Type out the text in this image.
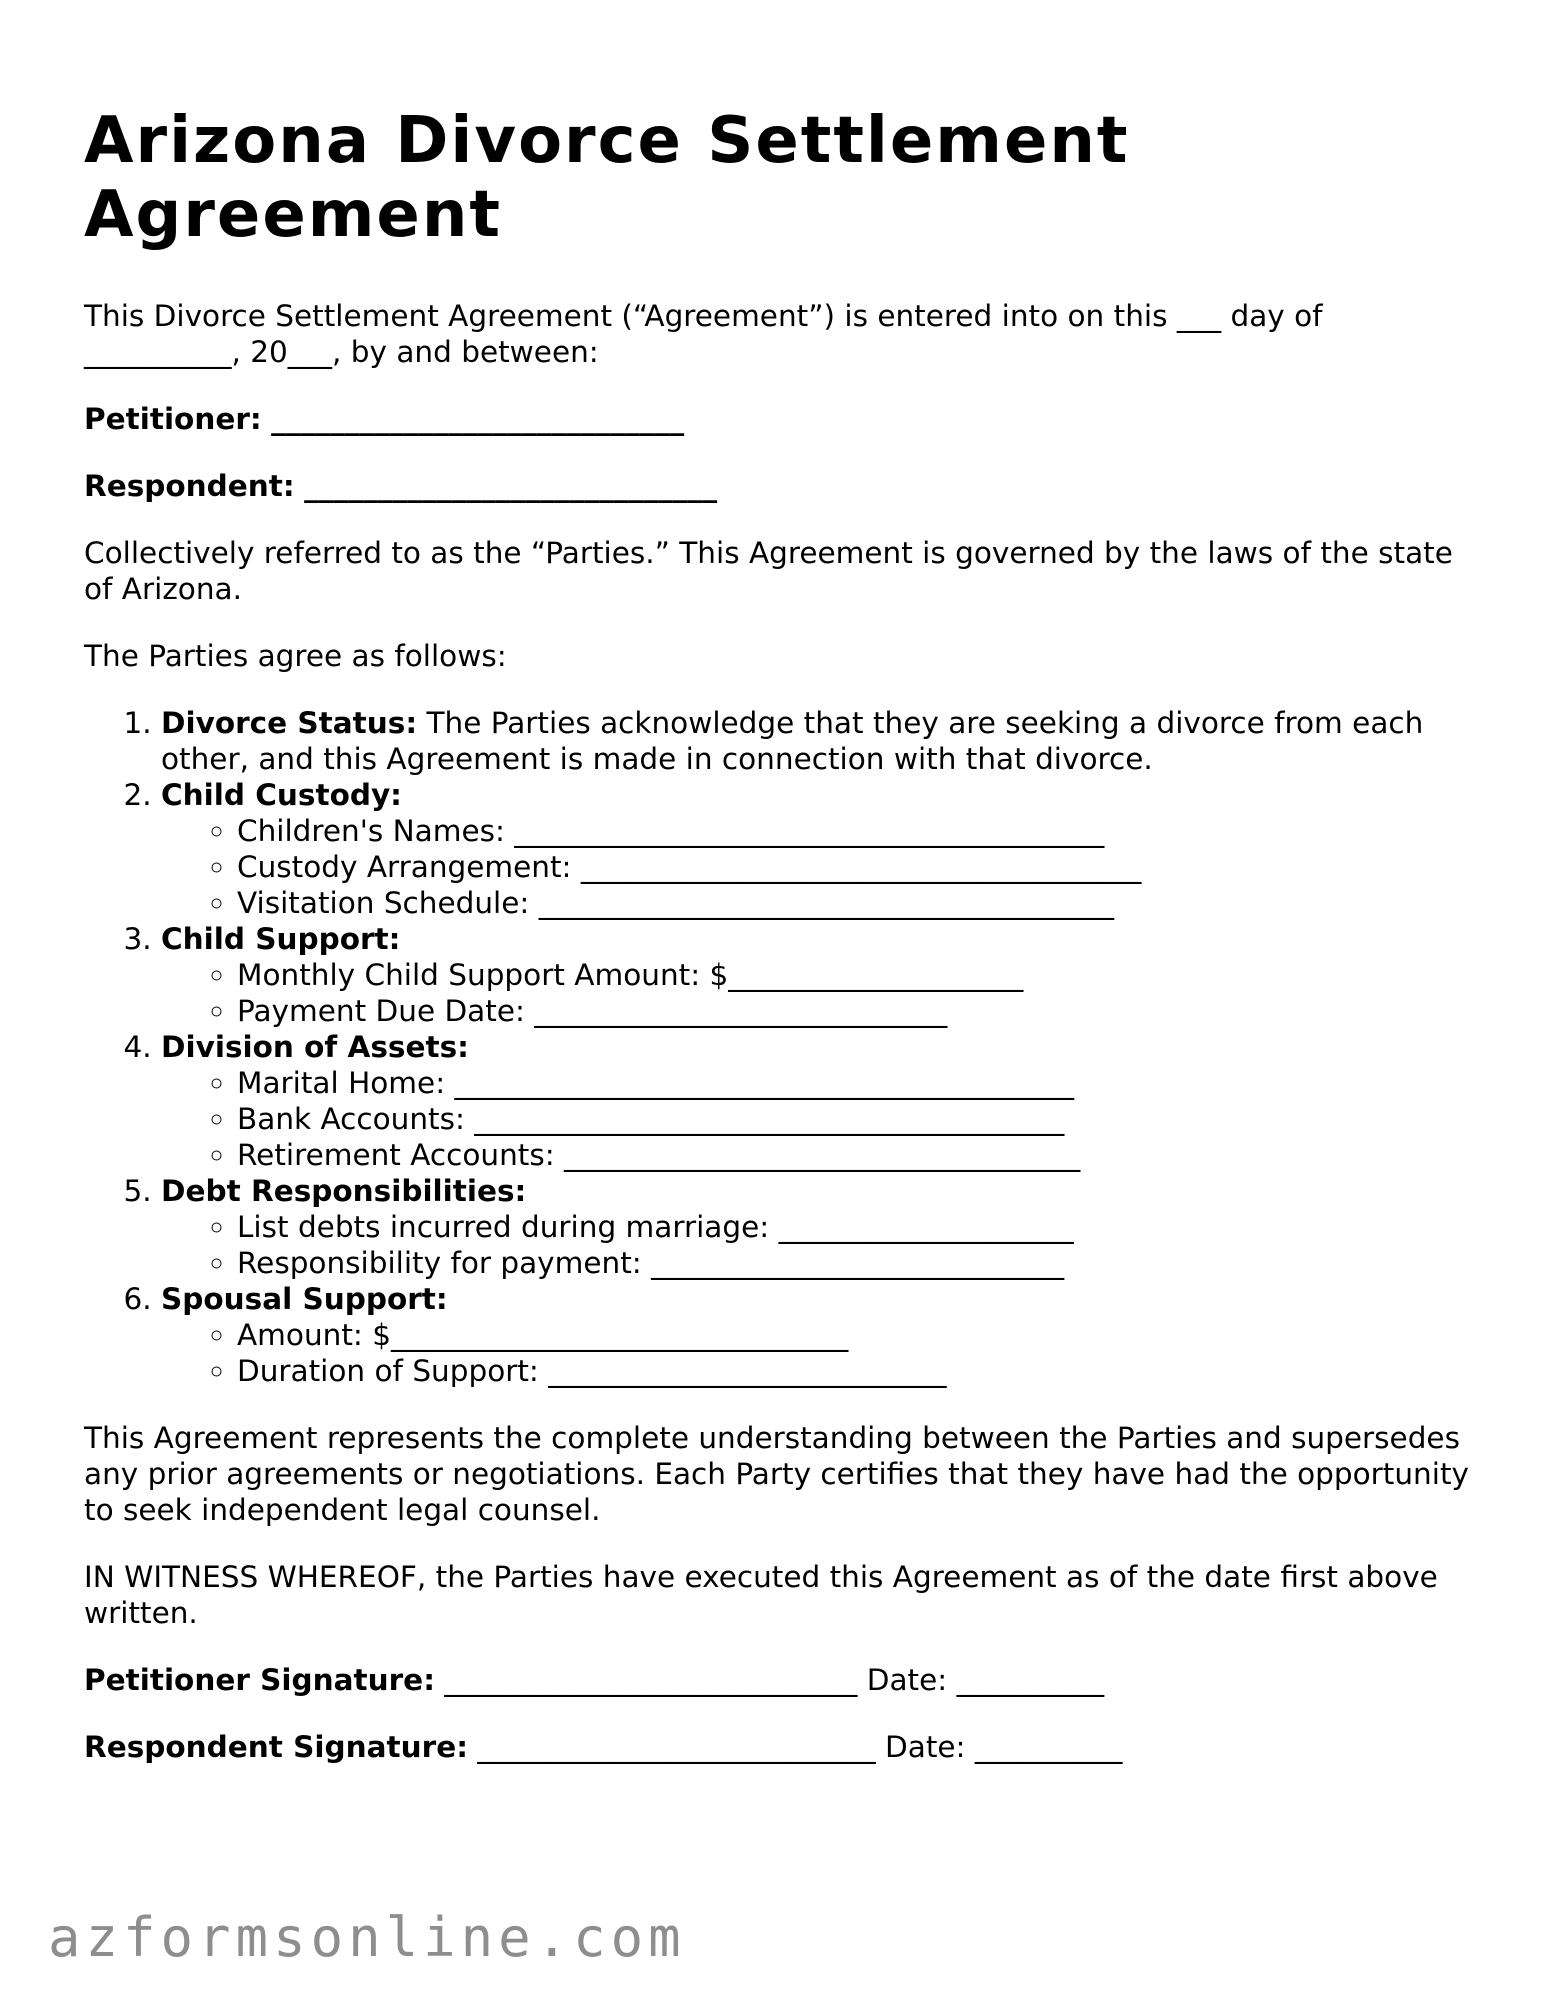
Arizona Divorce Settlement Agreement

This Divorce Settlement Agreement (“Agreement”) is entered into on this ___ day of __________, 20___, by and between:

Petitioner: ____________________________

Respondent: ____________________________

Collectively referred to as the “Parties.” This Agreement is governed by the laws of the state of Arizona.

The Parties agree as follows:

1. Divorce Status: The Parties acknowledge that they are seeking a divorce from each other, and this Agreement is made in connection with that divorce.
2. Child Custody:
◦ Children's Names: ________________________________________
◦ Custody Arrangement: ______________________________________
◦ Visitation Schedule: _______________________________________
3. Child Support:
◦ Monthly Child Support Amount: $____________________
◦ Payment Due Date: ____________________________
4. Division of Assets:
◦ Marital Home: __________________________________________
◦ Bank Accounts: ________________________________________
◦ Retirement Accounts: ___________________________________
5. Debt Responsibilities:
◦ List debts incurred during marriage: ____________________
◦ Responsibility for payment: ____________________________
6. Spousal Support:
◦ Amount: $_______________________________
◦ Duration of Support: ___________________________

This Agreement represents the complete understanding between the Parties and supersedes any prior agreements or negotiations. Each Party certifies that they have had the opportunity to seek independent legal counsel.

IN WITNESS WHEREOF, the Parties have executed this Agreement as of the date first above written.

Petitioner Signature: ____________________________ Date: __________

Respondent Signature: ___________________________ Date: __________

azformsonline.com
